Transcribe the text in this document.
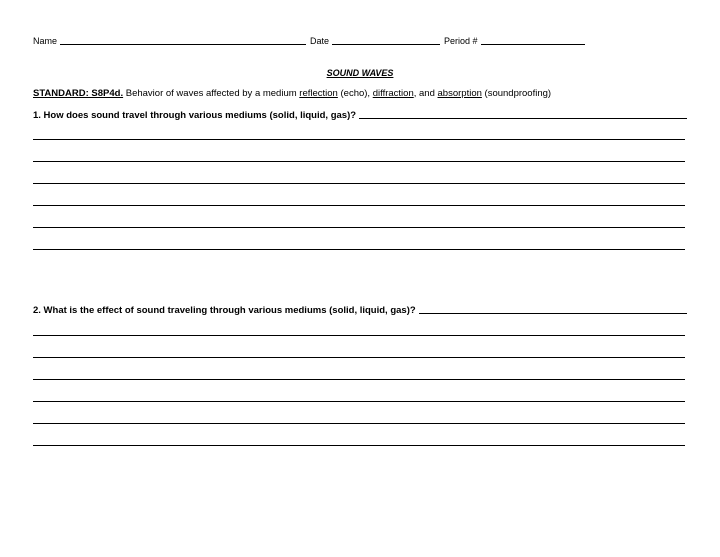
Name	Date	Period #
SOUND WAVES
STANDARD: S8P4d. Behavior of waves affected by a medium reflection (echo), diffraction, and absorption (soundproofing)
1. How does sound travel through various mediums (solid, liquid, gas)?
2. What is the effect of sound traveling through various mediums (solid, liquid, gas)?
